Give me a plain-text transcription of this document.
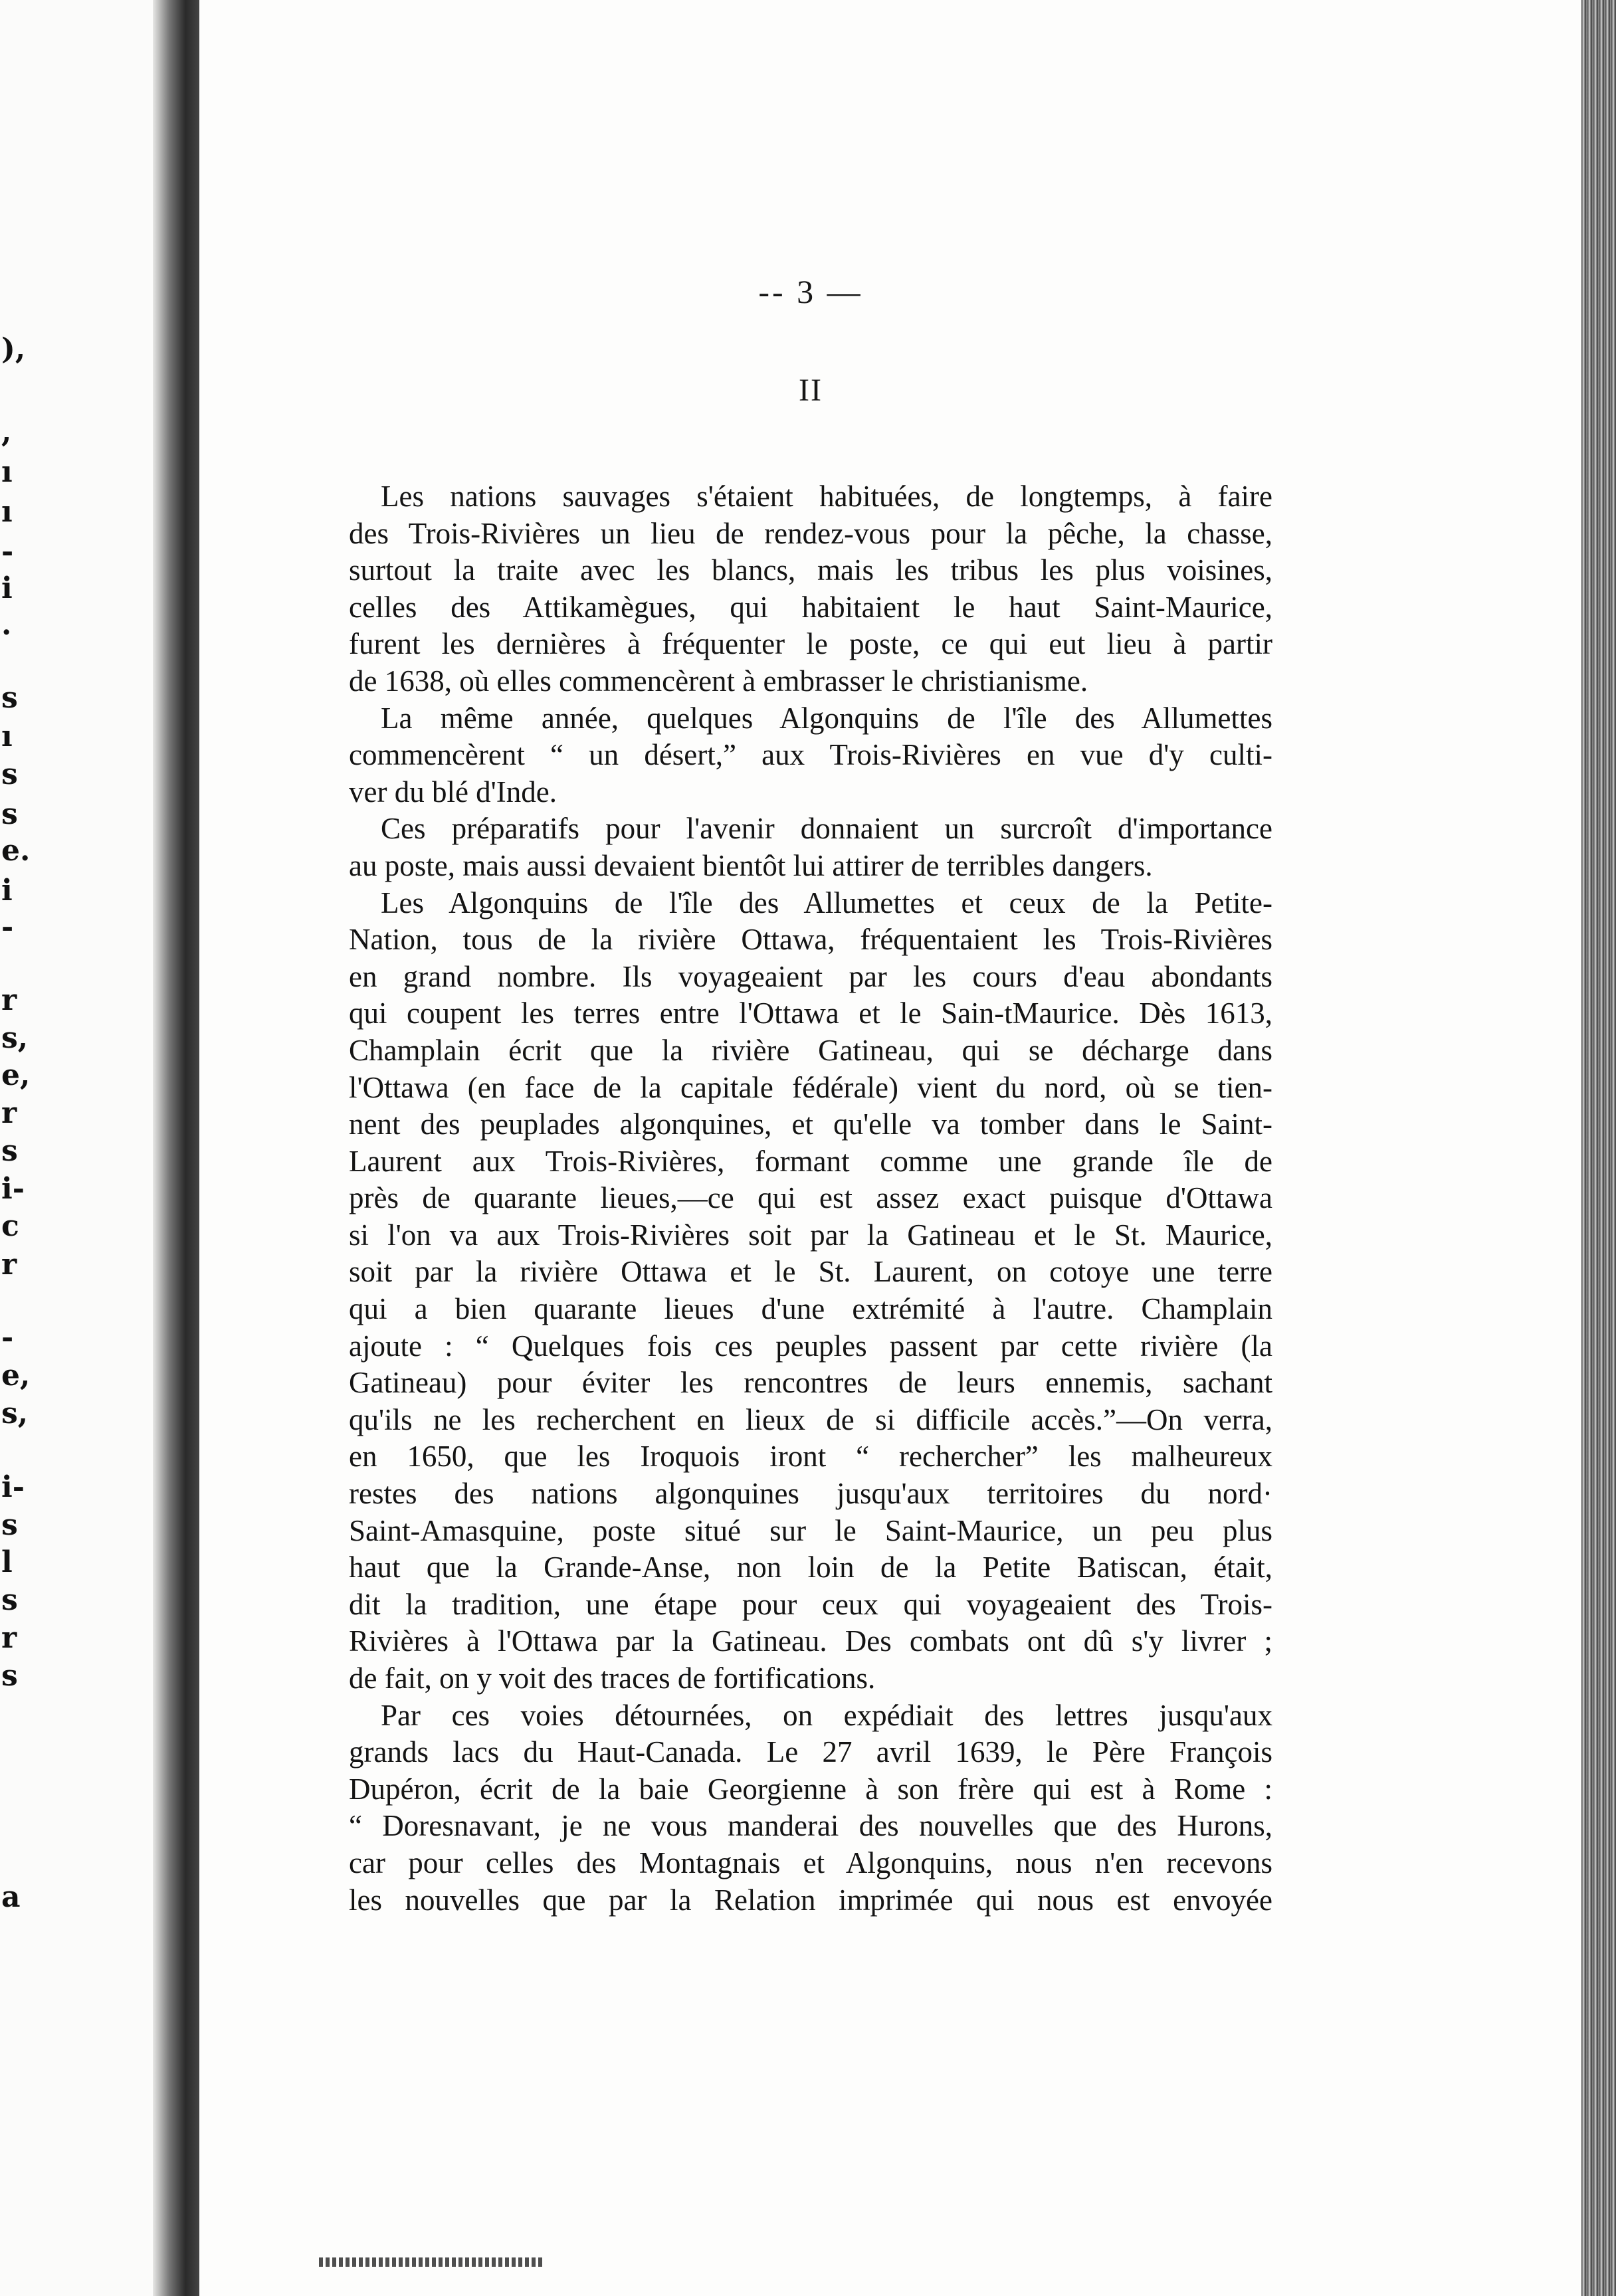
),
,
ı
ı
-
i
.
s
ı
s
s
e.
i
-
r
s,
e,
r
s
i-
c
r
-
e,
s,
i-
s
l
s
r
s
a
-- 3 —
II
Les nations sauvages s'étaient habituées, de longtemps, à faire
des Trois-Rivières un lieu de rendez-vous pour la pêche, la chasse,
surtout la traite avec les blancs, mais les tribus les plus voisines,
celles des Attikamègues, qui habitaient le haut Saint-Maurice,
furent les dernières à fréquenter le poste, ce qui eut lieu à partir
de 1638, où elles commencèrent à embrasser le christianisme.
La même année, quelques Algonquins de l'île des Allumettes
commencèrent “ un désert,” aux Trois-Rivières en vue d'y culti-
ver du blé d'Inde.
Ces préparatifs pour l'avenir donnaient un surcroît d'importance
au poste, mais aussi devaient bientôt lui attirer de terribles dangers.
Les Algonquins de l'île des Allumettes et ceux de la Petite-
Nation, tous de la rivière Ottawa, fréquentaient les Trois-Rivières
en grand nombre. Ils voyageaient par les cours d'eau abondants
qui coupent les terres entre l'Ottawa et le Sain-tMaurice. Dès 1613,
Champlain écrit que la rivière Gatineau, qui se décharge dans
l'Ottawa (en face de la capitale fédérale) vient du nord, où se tien-
nent des peuplades algonquines, et qu'elle va tomber dans le Saint-
Laurent aux Trois-Rivières, formant comme une grande île de
près de quarante lieues,—ce qui est assez exact puisque d'Ottawa
si l'on va aux Trois-Rivières soit par la Gatineau et le St. Maurice,
soit par la rivière Ottawa et le St. Laurent, on cotoye une terre
qui a bien quarante lieues d'une extrémité à l'autre. Champlain
ajoute : “ Quelques fois ces peuples passent par cette rivière (la
Gatineau) pour éviter les rencontres de leurs ennemis, sachant
qu'ils ne les recherchent en lieux de si difficile accès.”—On verra,
en 1650, que les Iroquois iront “ rechercher” les malheureux
restes des nations algonquines jusqu'aux territoires du nord·
Saint-Amasquine, poste situé sur le Saint-Maurice, un peu plus
haut que la Grande-Anse, non loin de la Petite Batiscan, était,
dit la tradition, une étape pour ceux qui voyageaient des Trois-
Rivières à l'Ottawa par la Gatineau. Des combats ont dû s'y livrer ;
de fait, on y voit des traces de fortifications.
Par ces voies détournées, on expédiait des lettres jusqu'aux
grands lacs du Haut-Canada. Le 27 avril 1639, le Père François
Dupéron, écrit de la baie Georgienne à son frère qui est à Rome :
“ Doresnavant, je ne vous manderai des nouvelles que des Hurons,
car pour celles des Montagnais et Algonquins, nous n'en recevons
les nouvelles que par la Relation imprimée qui nous est envoyée
